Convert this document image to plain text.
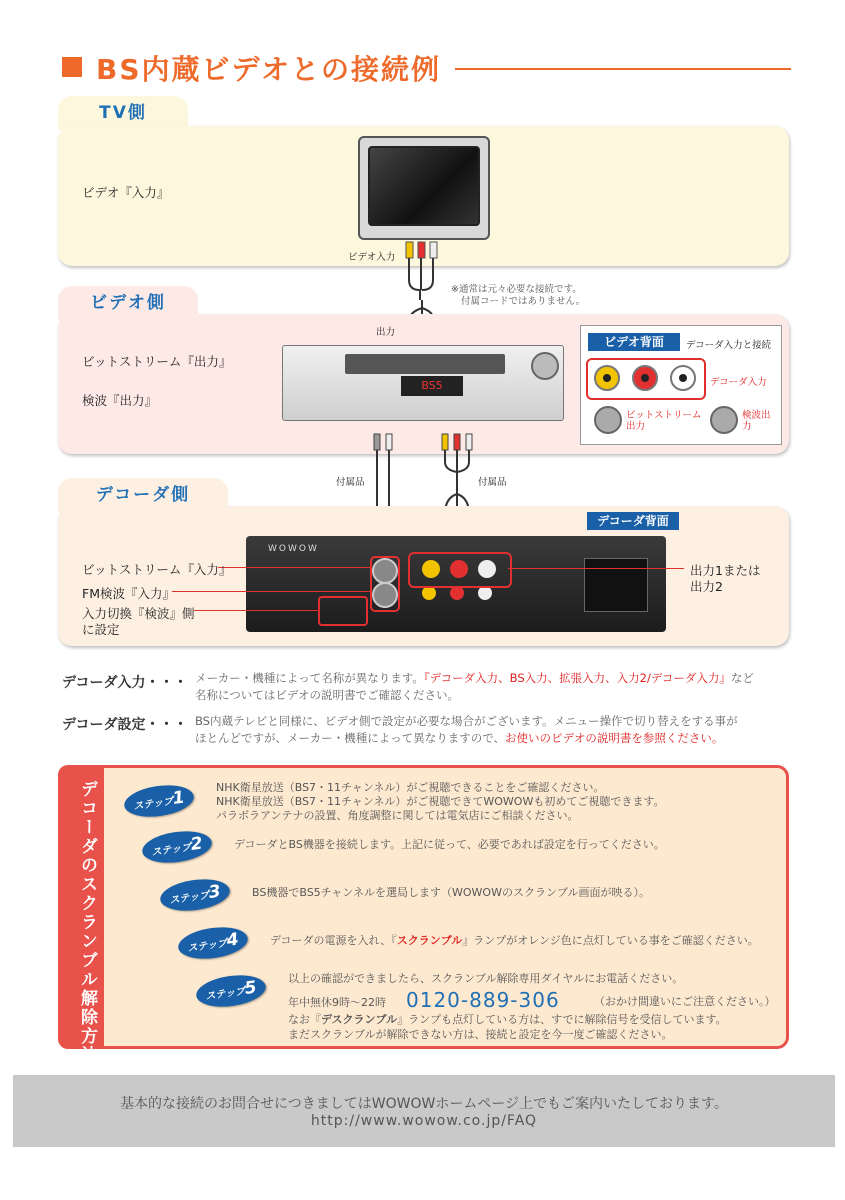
BS内蔵ビデオとの接続例
TV側
ビデオ『入力』
ビデオ入力
※通常は元々必要な接続です。
付属コードではありません。
ビデオ側
出力
ビットストリーム『出力』
検波『出力』
BS5
ビデオ背面	デコーダ入力と接続
デコーダ入力
ビットストリーム出力
検波出力
デコーダ側
付属品	付属品
デコーダ背面
WOWOW
ビットストリーム『入力』
FM検波『入力』
入力切換『検波』側
に設定
出力1または
出力2
デコーダ入力・・・ メーカー・機種によって名称が異なります。『デコーダ入力、BS入力、拡張入力、入力2/デコーダ入力』など
名称についてはビデオの説明書でご確認ください。
デコーダ設定・・・ BS内蔵テレビと同様に、ビデオ側で設定が必要な場合がございます。メニュー操作で切り替えをする事が
ほとんどですが、メーカー・機種によって異なりますので、お使いのビデオの説明書を参照ください。
デコーダのスクランブル解除方法	ステップ1
NHK衛星放送（BS7・11チャンネル）がご視聴できることをご確認ください。
NHK衛星放送（BS7・11チャンネル）がご視聴できてWOWOWも初めてご視聴できます。
パラボラアンテナの設置、角度調整に関しては電気店にご相談ください。
ステップ2	デコーダとBS機器を接続します。上記に従って、必要であれば設定を行ってください。
ステップ3	BS機器でBS5チャンネルを選局します（WOWOWのスクランブル画面が映る）。
ステップ4	デコーダの電源を入れ、『スクランブル』ランプがオレンジ色に点灯している事をご確認ください。
ステップ5	以上の確認ができましたら、スクランブル解除専用ダイヤルにお電話ください。
年中無休9時～22時 0120-889-306	（おかけ間違いにご注意ください。）
なお『デスクランブル』ランプも点灯している方は、すでに解除信号を受信しています。
まだスクランブルが解除できない方は、接続と設定を今一度ご確認ください。
基本的な接続のお問合せにつきましてはWOWOWホームページ上でもご案内いたしております。
http://www.wowow.co.jp/FAQ
